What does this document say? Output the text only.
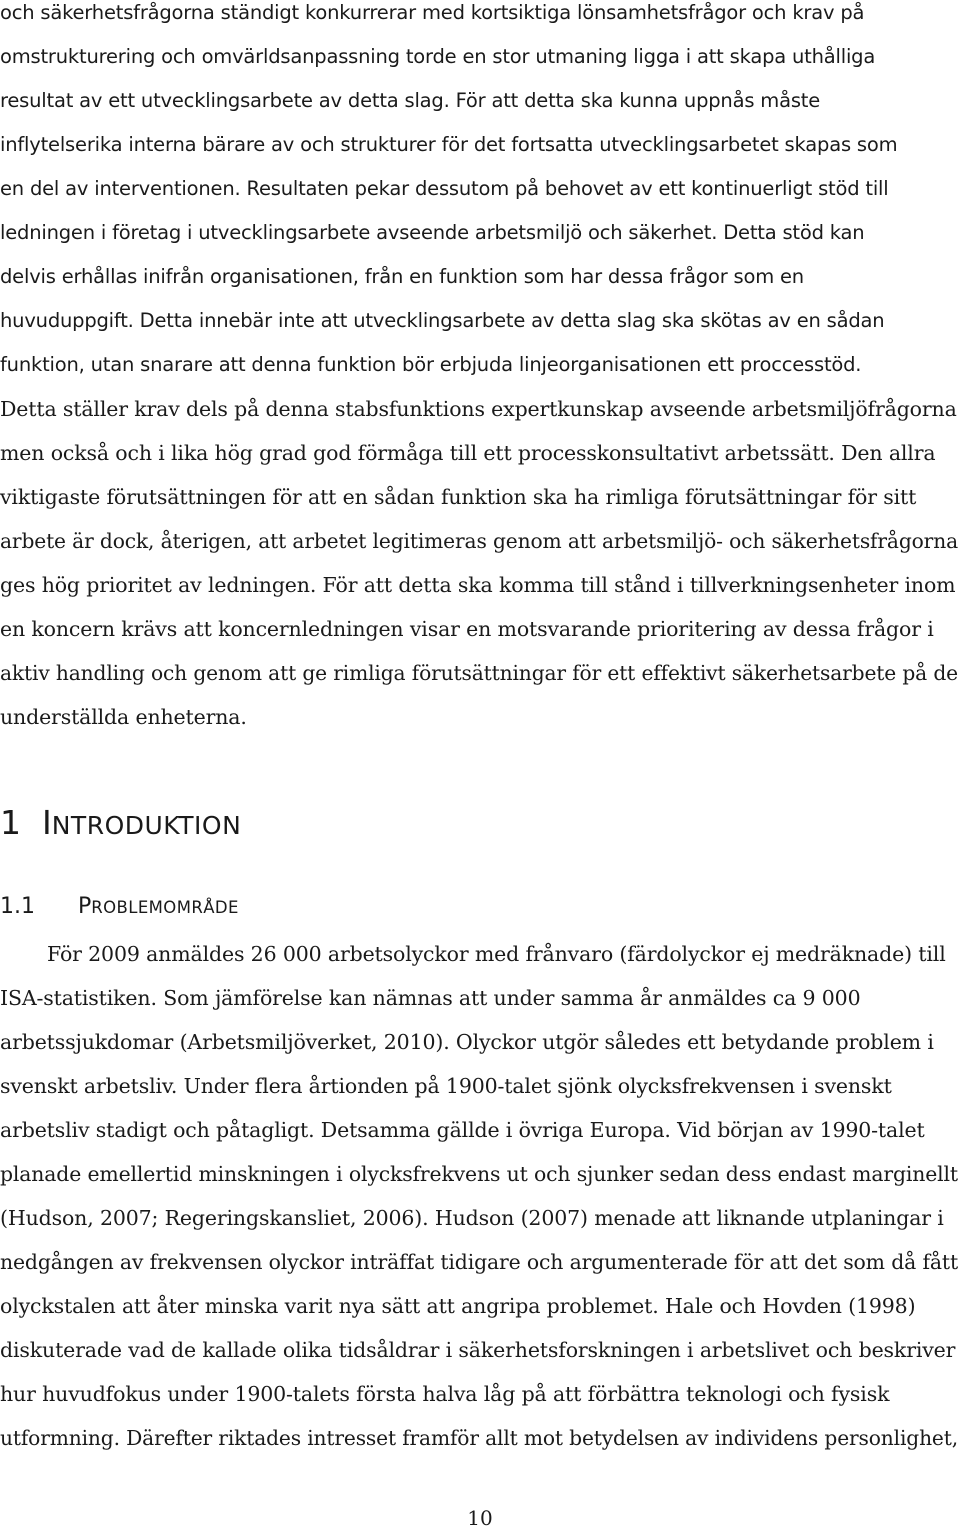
och säkerhetsfrågorna ständigt konkurrerar med kortsiktiga lönsamhetsfrågor och krav på
omstrukturering och omvärldsanpassning torde en stor utmaning ligga i att skapa uthålliga
resultat av ett utvecklingsarbete av detta slag. För att detta ska kunna uppnås måste
inflytelserika interna bärare av och strukturer för det fortsatta utvecklingsarbetet skapas som
en del av interventionen. Resultaten pekar dessutom på behovet av ett kontinuerligt stöd till
ledningen i företag i utvecklingsarbete avseende arbetsmiljö och säkerhet. Detta stöd kan
delvis erhållas inifrån organisationen, från en funktion som har dessa frågor som en
huvuduppgift. Detta innebär inte att utvecklingsarbete av detta slag ska skötas av en sådan
funktion, utan snarare att denna funktion bör erbjuda linjeorganisationen ett proccesstöd.
Detta ställer krav dels på denna stabsfunktions expertkunskap avseende arbetsmiljöfrågorna
men också och i lika hög grad god förmåga till ett processkonsultativt arbetssätt. Den allra
viktigaste förutsättningen för att en sådan funktion ska ha rimliga förutsättningar för sitt
arbete är dock, återigen, att arbetet legitimeras genom att arbetsmiljö- och säkerhetsfrågorna
ges hög prioritet av ledningen. För att detta ska komma till stånd i tillverkningsenheter inom
en koncern krävs att koncernledningen visar en motsvarande prioritering av dessa frågor i
aktiv handling och genom att ge rimliga förutsättningar för ett effektivt säkerhetsarbete på de
underställda enheterna.
1 INTRODUKTION
1.1 PROBLEMOMRÅDE
För 2009 anmäldes 26 000 arbetsolyckor med frånvaro (färdolyckor ej medräknade) till
ISA-statistiken. Som jämförelse kan nämnas att under samma år anmäldes ca 9 000
arbetssjukdomar (Arbetsmiljöverket, 2010). Olyckor utgör således ett betydande problem i
svenskt arbetsliv. Under flera årtionden på 1900-talet sjönk olycksfrekvensen i svenskt
arbetsliv stadigt och påtagligt. Detsamma gällde i övriga Europa. Vid början av 1990-talet
planade emellertid minskningen i olycksfrekvens ut och sjunker sedan dess endast marginellt
(Hudson, 2007; Regeringskansliet, 2006). Hudson (2007) menade att liknande utplaningar i
nedgången av frekvensen olyckor inträffat tidigare och argumenterade för att det som då fått
olyckstalen att åter minska varit nya sätt att angripa problemet. Hale och Hovden (1998)
diskuterade vad de kallade olika tidsåldrar i säkerhetsforskningen i arbetslivet och beskriver
hur huvudfokus under 1900-talets första halva låg på att förbättra teknologi och fysisk
utformning. Därefter riktades intresset framför allt mot betydelsen av individens personlighet,
10
